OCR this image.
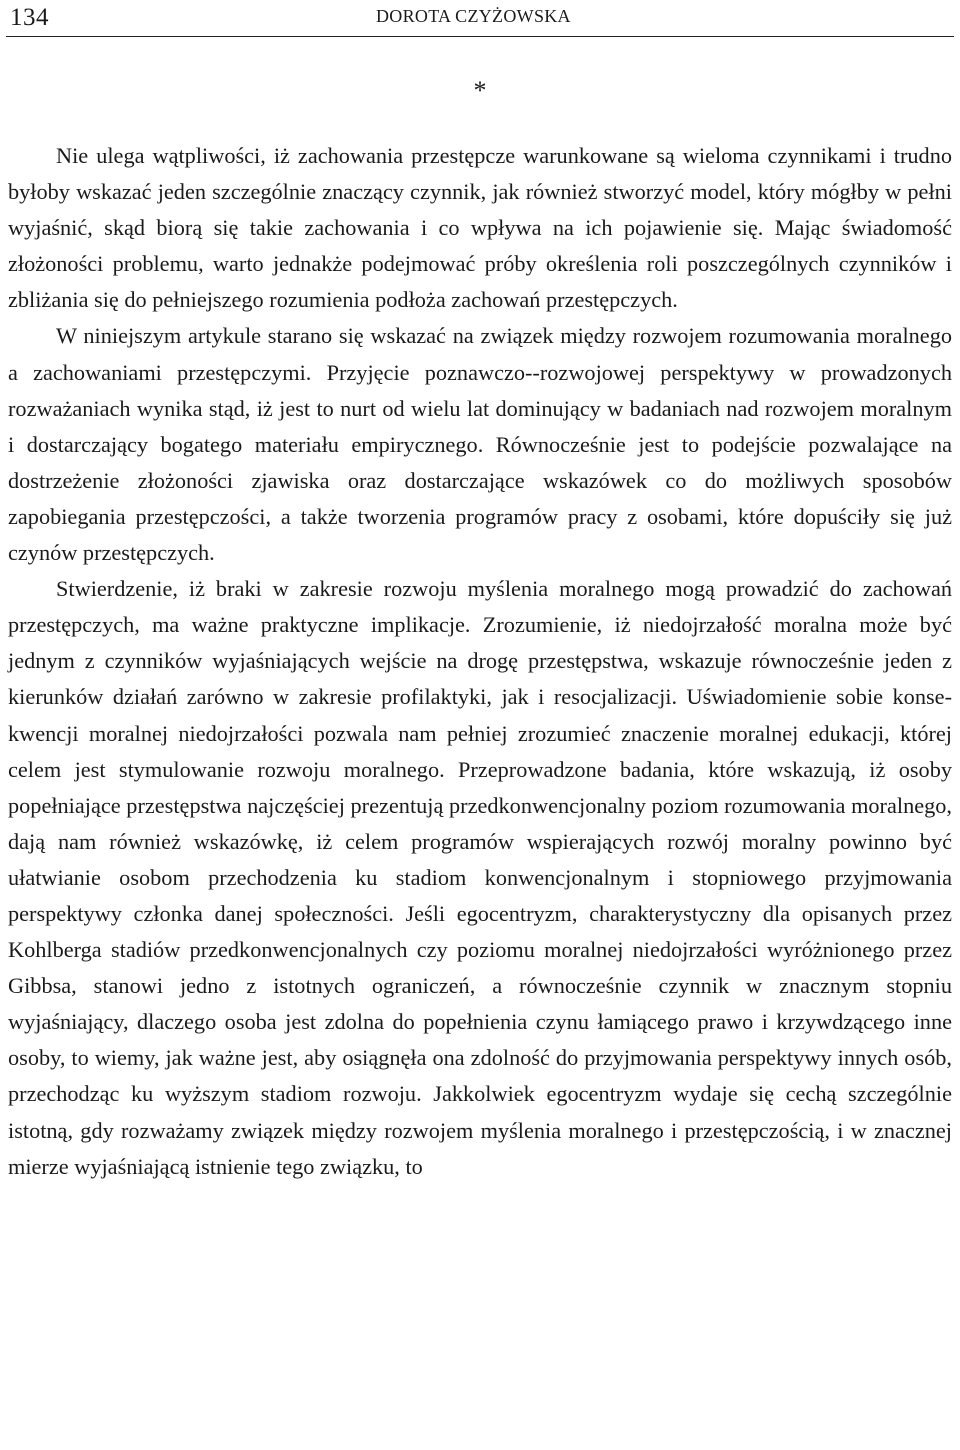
134	DOROTA CZYŻOWSKA
*

Nie ulega wątpliwości, iż zachowania przestępcze warunkowane są wieloma czynnikami i trudno byłoby wskazać jeden szczególnie znaczący czynnik, jak również stworzyć model, który mógłby w pełni wyjaśnić, skąd biorą się takie zachowania i co wpływa na ich pojawienie się. Mając świadomość złożoności problemu, warto jednakże podejmować próby określenia roli poszczególnych czynników i zbliżania się do pełniejszego rozumienia podłoża zachowań przestępczych.

W niniejszym artykule starano się wskazać na związek między rozwojem rozumowania moralnego a zachowaniami przestępczymi. Przyjęcie poznawczo-​-rozwojowej perspektywy w prowadzonych rozważaniach wynika stąd, iż jest to nurt od wielu lat dominujący w badaniach nad rozwojem moralnym i dostarczający bogatego materiału empirycznego. Równocześnie jest to podejście pozwalające na dostrzeżenie złożoności zjawiska oraz dostarczające wskazówek co do możliwych sposobów zapobiegania przestępczości, a także tworzenia programów pracy z osobami, które dopuściły się już czynów przestępczych.

Stwierdzenie, iż braki w zakresie rozwoju myślenia moralnego mogą prowadzić do zachowań przestępczych, ma ważne praktyczne implikacje. Zrozumienie, iż niedojrzałość moralna może być jednym z czynników wyjaśniających wejście na drogę przestępstwa, wskazuje równocześnie jeden z kierunków działań zarówno w zakresie profilaktyki, jak i resocjalizacji. Uświadomienie sobie konsekwencji moralnej niedojrzałości pozwala nam pełniej zrozumieć znaczenie moralnej edukacji, której celem jest stymulowanie rozwoju moralnego. Przeprowadzone badania, które wskazują, iż osoby popełniające przestępstwa najczęściej prezentują przedkonwencjonalny poziom rozumowania moralnego, dają nam również wskazówkę, iż celem programów wspierających rozwój moralny powinno być ułatwianie osobom przechodzenia ku stadiom konwencjonalnym i stopniowego przyjmowania perspektywy członka danej społeczności. Jeśli egocentryzm, charakterystyczny dla opisanych przez Kohlberga stadiów przedkonwencjonalnych czy poziomu moralnej niedojrzałości wyróżnionego przez Gibbsa, stanowi jedno z istotnych ograniczeń, a równocześnie czynnik w znacznym stopniu wyjaśniający, dlaczego osoba jest zdolna do popełnienia czynu łamiącego prawo i krzywdzącego inne osoby, to wiemy, jak ważne jest, aby osiągnęła ona zdolność do przyjmowania perspektywy innych osób, przechodząc ku wyższym stadiom rozwoju. Jakkolwiek egocentryzm wydaje się cechą szczególnie istotną, gdy rozważamy związek między rozwojem myślenia moralnego i przestępczością, i w znacznej mierze wyjaśniającą istnienie tego związku, to
